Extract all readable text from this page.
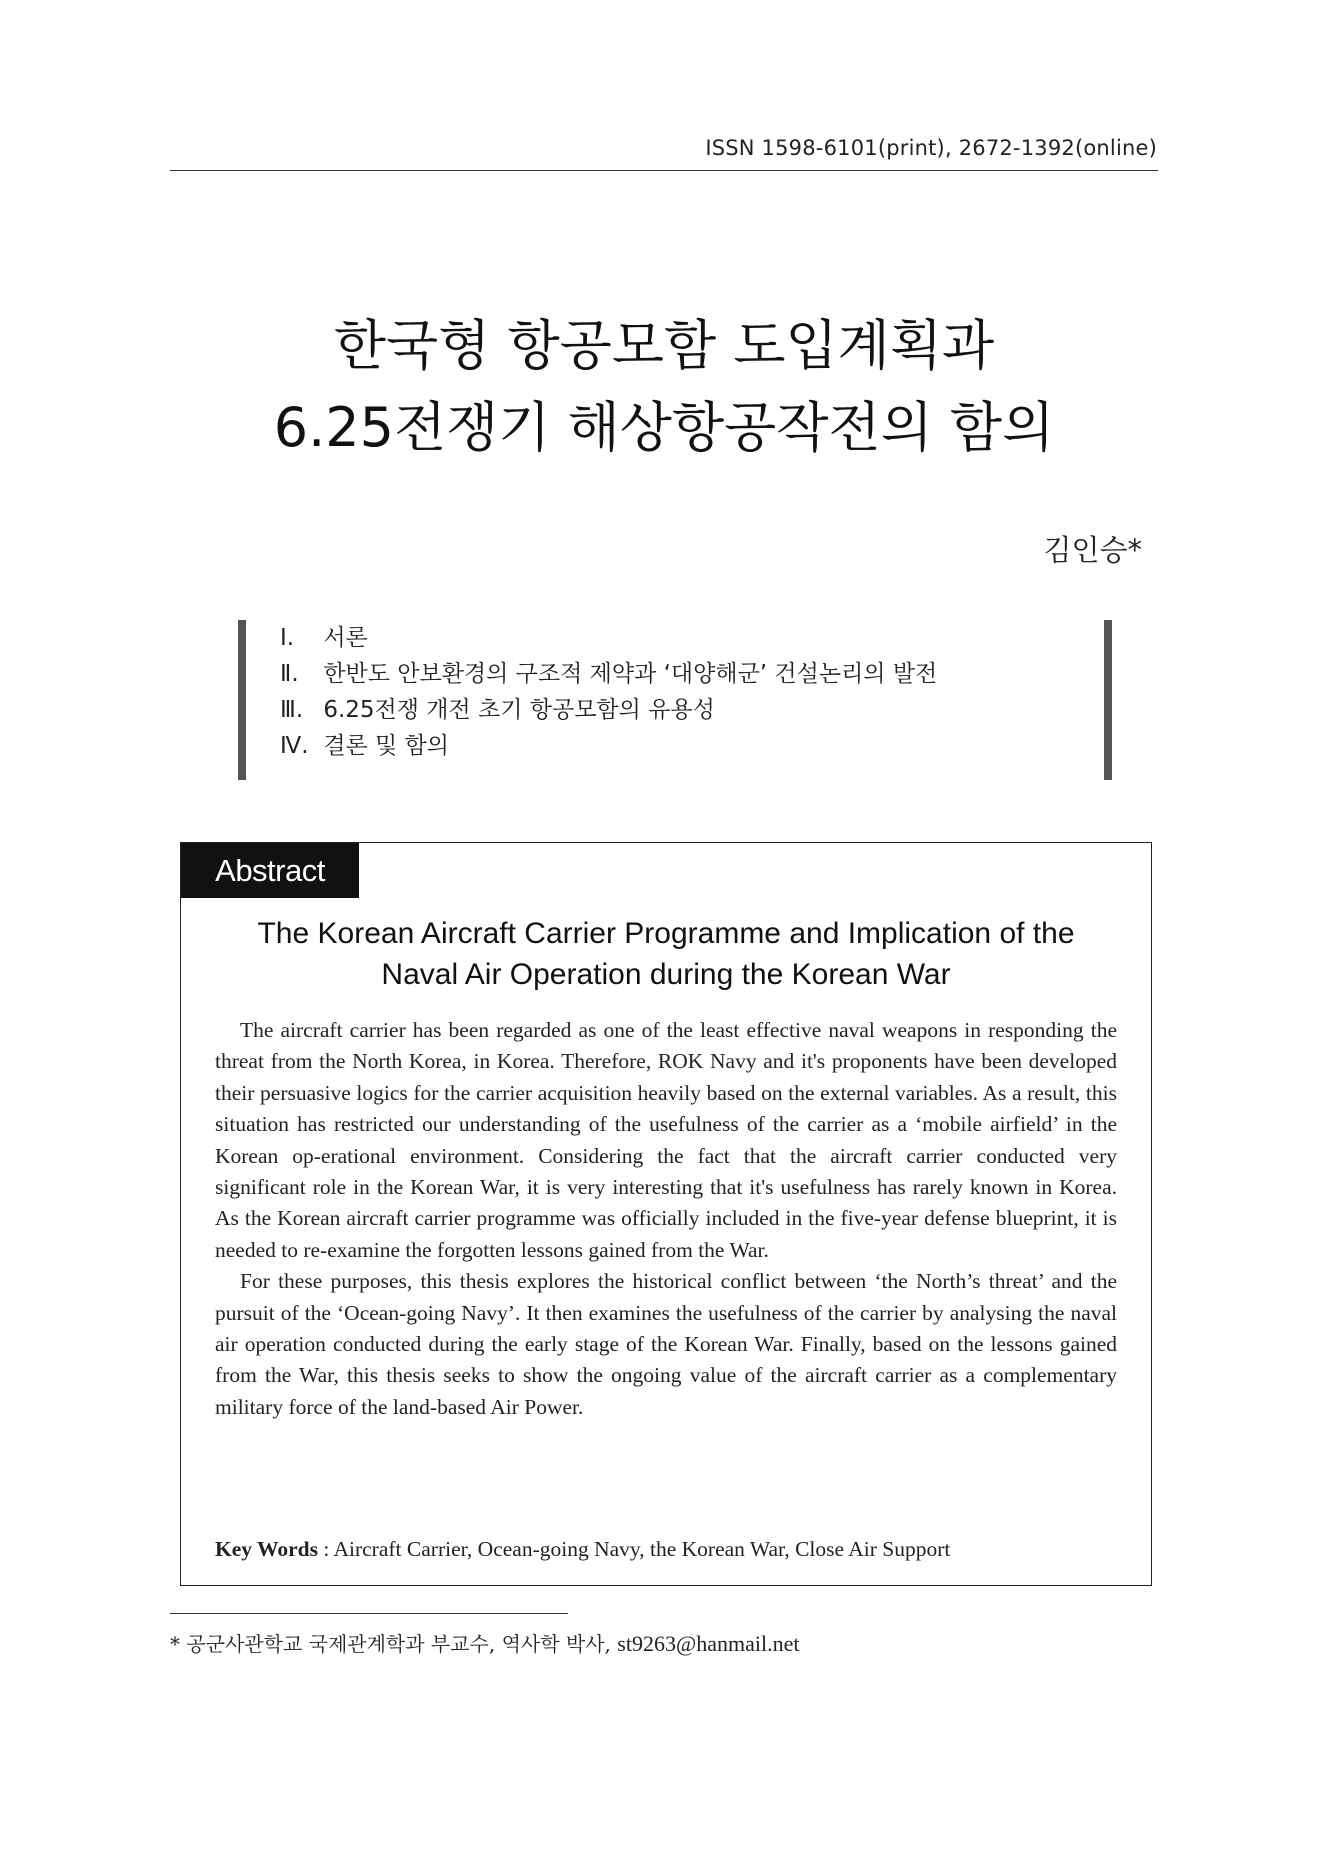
ISSN 1598-6101(print), 2672-1392(online)
한국형 항공모함 도입계획과
6.25전쟁기 해상항공작전의 함의
김인승*
Ⅰ. 서론
Ⅱ. 한반도 안보환경의 구조적 제약과 ‘대양해군’ 건설논리의 발전
Ⅲ. 6.25전쟁 개전 초기 항공모함의 유용성
Ⅳ. 결론 및 함의
Abstract
The Korean Aircraft Carrier Programme and Implication of the
Naval Air Operation during the Korean War

The aircraft carrier has been regarded as one of the least effective naval weapons in responding the threat from the North Korea, in Korea. Therefore, ROK Navy and it's proponents have been developed their persuasive logics for the carrier acquisition heavily based on the external variables. As a result, this situation has restricted our understanding of the usefulness of the carrier as a ‘mobile airfield’ in the Korean op-erational environment. Considering the fact that the aircraft carrier conducted very significant role in the Korean War, it is very interesting that it's usefulness has rarely known in Korea. As the Korean aircraft carrier programme was officially included in the five-year defense blueprint, it is needed to re-examine the forgotten lessons gained from the War.

For these purposes, this thesis explores the historical conflict between ‘the North’s threat’ and the pursuit of the ‘Ocean-going Navy’. It then examines the usefulness of the carrier by analysing the naval air operation conducted during the early stage of the Korean War. Finally, based on the lessons gained from the War, this thesis seeks to show the ongoing value of the aircraft carrier as a complementary military force of the land-based Air Power.

Key Words : Aircraft Carrier, Ocean-going Navy, the Korean War, Close Air Support
* 공군사관학교 국제관계학과 부교수, 역사학 박사, st9263@hanmail.net
